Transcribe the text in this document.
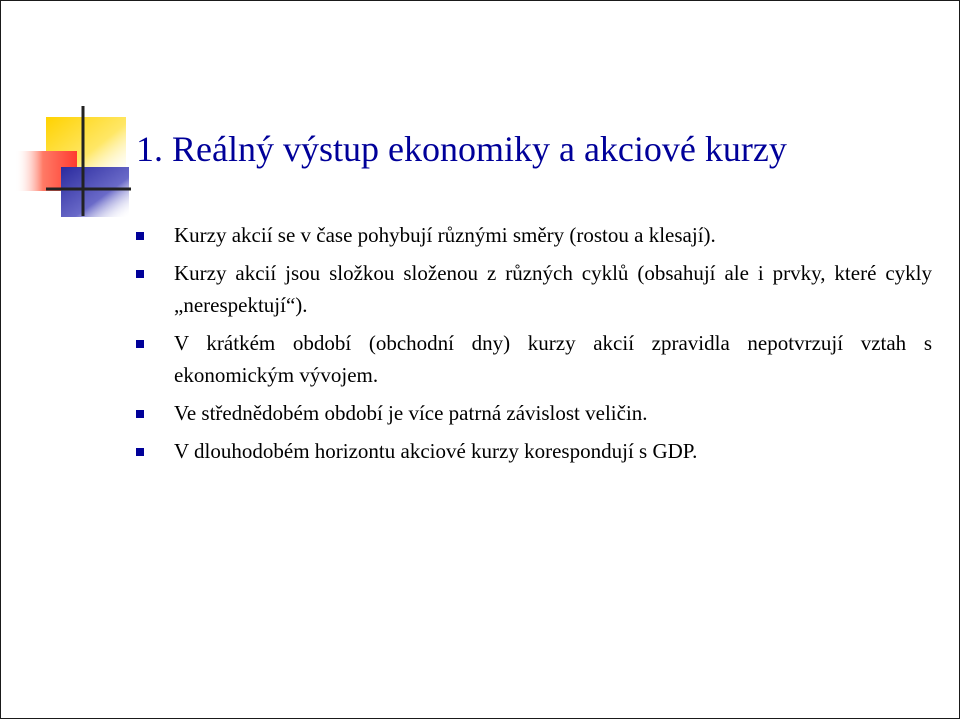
1. Reálný výstup ekonomiky a akciové kurzy
Kurzy akcií se v čase pohybují různými směry (rostou a klesají).
Kurzy akcií jsou složkou složenou z různých cyklů (obsahují ale i prvky, které cykly „nerespektují“).
V krátkém období (obchodní dny) kurzy akcií zpravidla nepotvrzují vztah s ekonomickým vývojem.
Ve střednědobém období je více patrná závislost veličin.
V dlouhodobém horizontu akciové kurzy korespondují s GDP.
